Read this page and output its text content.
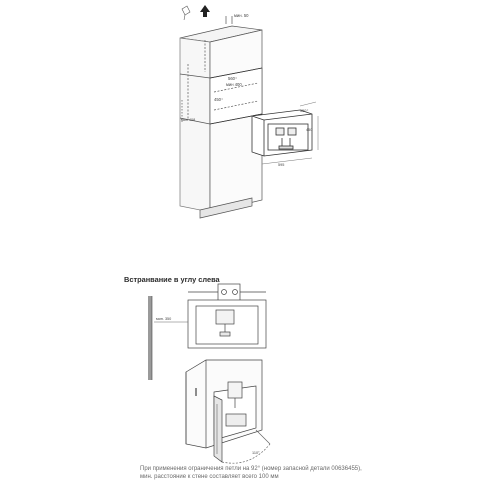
мин. 50
560⁺
мин 400
450⁺
мин 408
550⁺
450
595
мин. 350
110°
Встранвание в углу слева
При применения ограничения петли на 92° (номер запасной детали 00636455),
мин. расстояние к стене составляет всего 100 мм
